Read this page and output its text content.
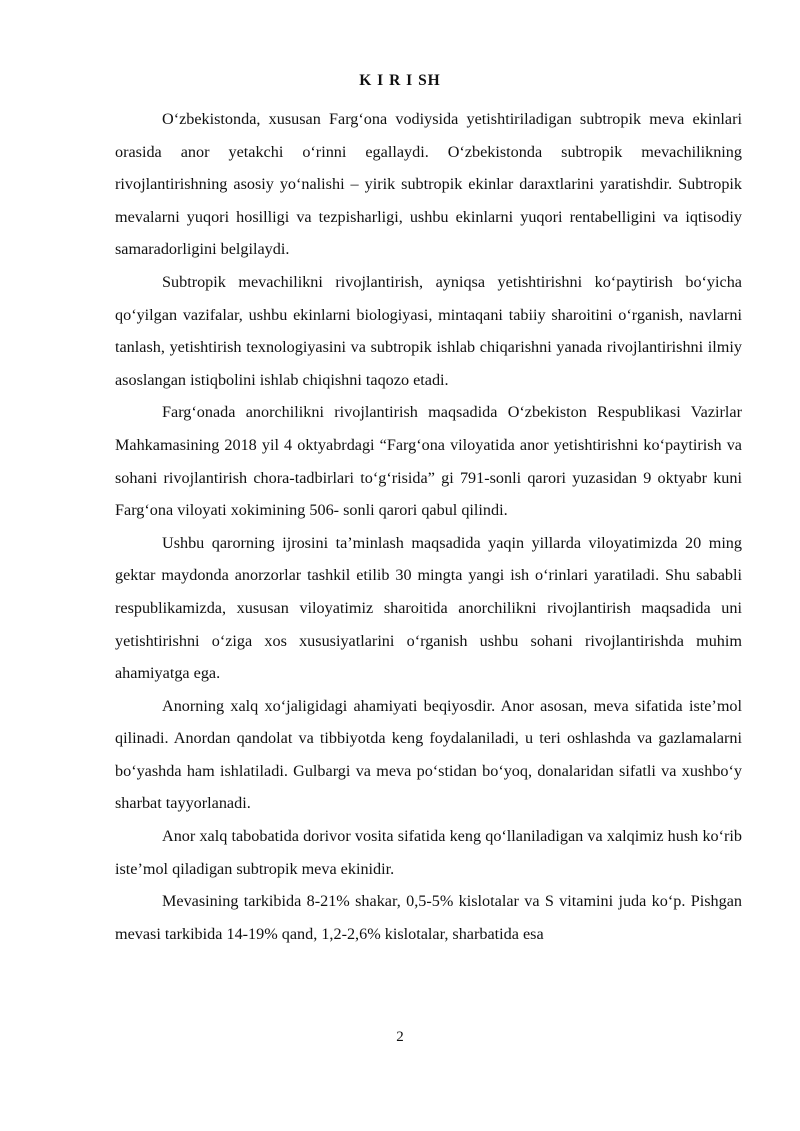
K I R I SH

O‘zbekistonda, xususan Farg‘ona vodiysida yetishtiriladigan subtropik meva ekinlari orasida anor yetakchi o‘rinni egallaydi. O‘zbekistonda subtropik mevachilikning rivojlantirishning asosiy yo‘nalishi – yirik subtropik ekinlar daraxtlarini yaratishdir. Subtropik mevalarni yuqori hosilligi va tezpisharligi, ushbu ekinlarni yuqori rentabelligini va iqtisodiy samaradorligini belgilaydi.

Subtropik mevachilikni rivojlantirish, ayniqsa yetishtirishni ko‘paytirish bo‘yicha qo‘yilgan vazifalar, ushbu ekinlarni biologiyasi, mintaqani tabiiy sharoitini o‘rganish, navlarni tanlash, yetishtirish texnologiyasini va subtropik ishlab chiqarishni yanada rivojlantirishni ilmiy asoslangan istiqbolini ishlab chiqishni taqozo etadi.

Farg‘onada anorchilikni rivojlantirish maqsadida O‘zbekiston Respublikasi Vazirlar Mahkamasining 2018 yil 4 oktyabrdagi “Farg‘ona viloyatida anor yetishtirishni ko‘paytirish va sohani rivojlantirish chora-tadbirlari to‘g‘risida” gi 791-sonli qarori yuzasidan 9 oktyabr kuni Farg‘ona viloyati xokimining 506- sonli qarori qabul qilindi.

Ushbu qarorning ijrosini ta’minlash maqsadida yaqin yillarda viloyatimizda 20 ming gektar maydonda anorzorlar tashkil etilib 30 mingta yangi ish o‘rinlari yaratiladi. Shu sababli respublikamizda, xususan viloyatimiz sharoitida anorchilikni rivojlantirish maqsadida uni yetishtirishni o‘ziga xos xususiyatlarini o‘rganish ushbu sohani rivojlantirishda muhim ahamiyatga ega.

Anorning xalq xo‘jaligidagi ahamiyati beqiyosdir. Anor asosan, meva sifatida iste’mol qilinadi. Anordan qandolat va tibbiyotda keng foydalaniladi, u teri oshlashda va gazlamalarni bo‘yashda ham ishlatiladi. Gulbargi va meva po‘stidan bo‘yoq, donalaridan sifatli va xushbo‘y sharbat tayyorlanadi.

Anor xalq tabobatida dorivor vosita sifatida keng qo‘llaniladigan va xalqimiz hush ko‘rib iste’mol qiladigan subtropik meva ekinidir.

Mevasining tarkibida 8-21% shakar, 0,5-5% kislotalar va S vitamini juda ko‘p. Pishgan mevasi tarkibida 14-19% qand, 1,2-2,6% kislotalar, sharbatida esa

2
